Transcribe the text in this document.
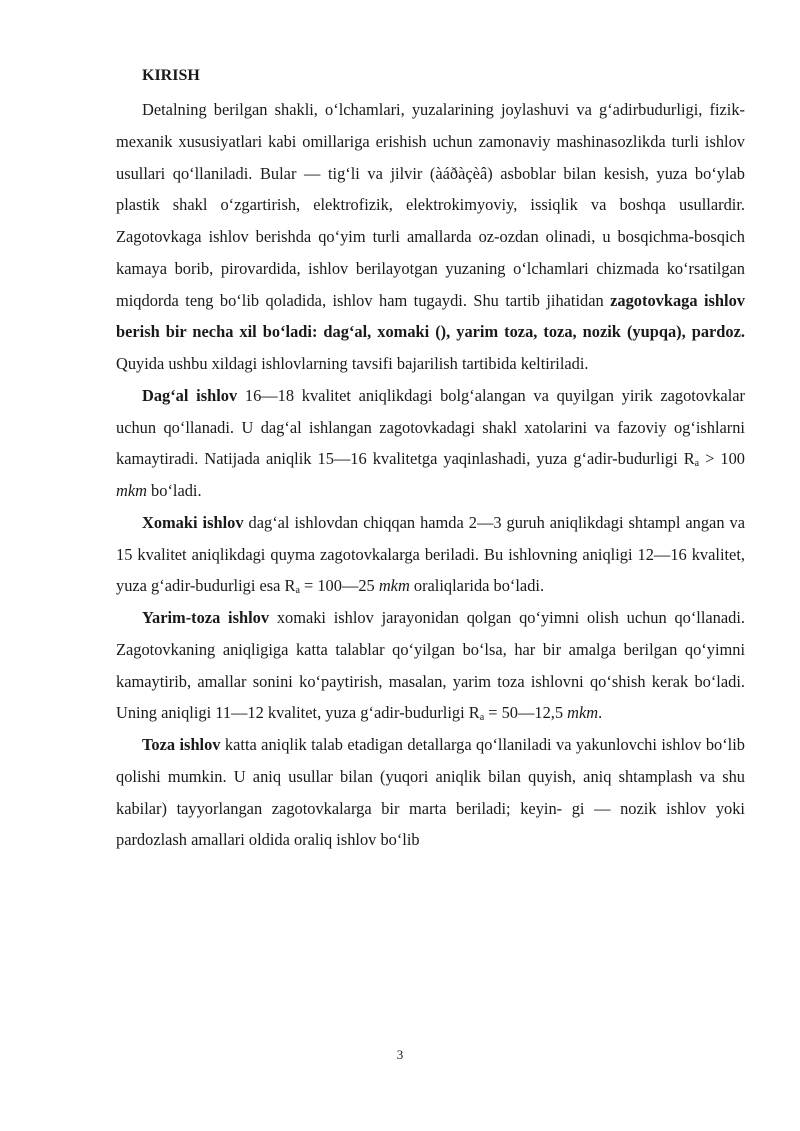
KIRISH

Detalning berilgan shakli, o‘lchamlari, yuzalarining joylashuvi va g‘adirbudurligi, fizik-mexanik xususiyatlari kabi omillariga erishish uchun zamonaviy mashinasozlikda turli ishlov usullari qo‘llaniladi. Bular — tig‘li va jilvir (àáðàçèâ) asboblar bilan kesish, yuza bo‘ylab plastik shakl o‘zgartirish, elektrofizik, elektrokimyoviy, issiqlik va boshqa usullardir. Zagotovkaga ishlov berishda qo‘yim turli amallarda oz-ozdan olinadi, u bosqichma-bosqich kamaya borib, pirovardida, ishlov berilayotgan yuzaning o‘lchamlari chizmada ko‘rsatilgan miqdorda teng bo‘lib qoladida, ishlov ham tugaydi. Shu tartib jihatidan zagotovkaga ishlov berish bir necha xil bo‘ladi: dag‘al, xomaki (), yarim toza, toza, nozik (yupqa), pardoz. Quyida ushbu xildagi ishlovlarning tavsifi bajarilish tartibida keltiriladi.

Dag‘al ishlov 16—18 kvalitet aniqlikdagi bolg‘alangan va quyilgan yirik zagotovkalar uchun qo‘llanadi. U dag‘al ishlangan zagotovkadagi shakl xatolarini va fazoviy og‘ishlarni kamaytiradi. Natijada aniqlik 15—16 kvalitetga yaqinlashadi, yuza g‘adir-budurligi $R_a > 100$ mkm bo‘ladi.

Xomaki ishlov dag‘al ishlovdan chiqqan hamda 2—3 guruh aniqlikdagi shtampl angan va 15 kvalitet aniqlikdagi quyma zagotovkalarga beriladi. Bu ishlovning aniqligi 12—16 kvalitet, yuza g‘adir-budurligi esa $R_a$ = 100—25 mkm oraliqlarida bo‘ladi.

Yarim-toza ishlov xomaki ishlov jarayonidan qolgan qo‘yimni olish uchun qo‘llanadi. Zagotovkaning aniqligiga katta talablar qo‘yilgan bo‘lsa, har bir amalga berilgan qo‘yimni kamaytirib, amallar sonini ko‘paytirish, masalan, yarim toza ishlovni qo‘shish kerak bo‘ladi. Uning aniqligi 11—12 kvalitet, yuza g‘adir-budurligi $R_a$ = 50—12,5 mkm.

Toza ishlov katta aniqlik talab etadigan detallarga qo‘llaniladi va yakunlovchi ishlov bo‘lib qolishi mumkin. U aniq usullar bilan (yuqori aniqlik bilan quyish, aniq shtamplash va shu kabilar) tayyorlangan zagotovkalarga bir marta beriladi; keyin- gi — nozik ishlov yoki pardozlash amallari oldida oraliq ishlov bo‘lib

3
